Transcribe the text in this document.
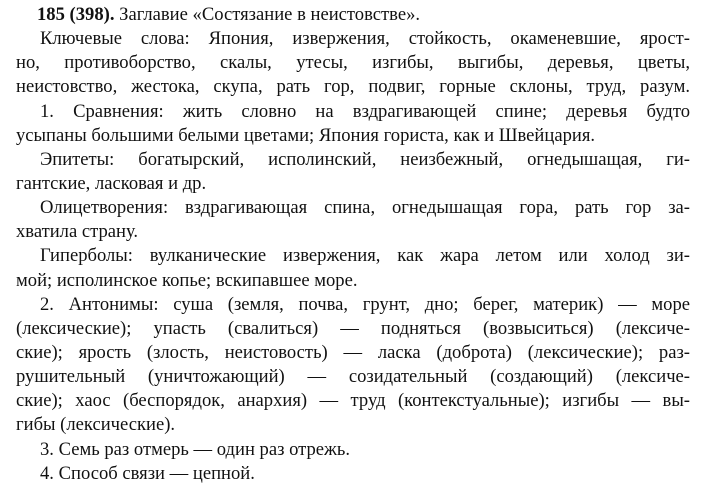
185 (398). Заглавие «Состязание в неистовстве».
Ключевые слова: Япония, извержения, стойкость, окаменевшие, ярост-
но, противоборство, скалы, утесы, изгибы, выгибы, деревья, цветы,
неистовство, жестока, скупа, рать гор, подвиг, горные склоны, труд, разум.
1. Сравнения: жить словно на вздрагивающей спине; деревья будто
усыпаны большими белыми цветами; Япония гориста, как и Швейцария.
Эпитеты: богатырский, исполинский, неизбежный, огнедышащая, ги-
гантские, ласковая и др.
Олицетворения: вздрагивающая спина, огнедышащая гора, рать гор за-
хватила страну.
Гиперболы: вулканические извержения, как жара летом или холод зи-
мой; исполинское копье; вскипавшее море.
2. Антонимы: суша (земля, почва, грунт, дно; берег, материк) — море
(лексические); упасть (свалиться) — подняться (возвыситься) (лексиче-
ские); ярость (злость, неистовость) — ласка (доброта) (лексические); раз-
рушительный (уничтожающий) — созидательный (создающий) (лексиче-
ские); хаос (беспорядок, анархия) — труд (контекстуальные); изгибы — вы-
гибы (лексические).
3. Семь раз отмерь — один раз отрежь.
4. Способ связи — цепной.
